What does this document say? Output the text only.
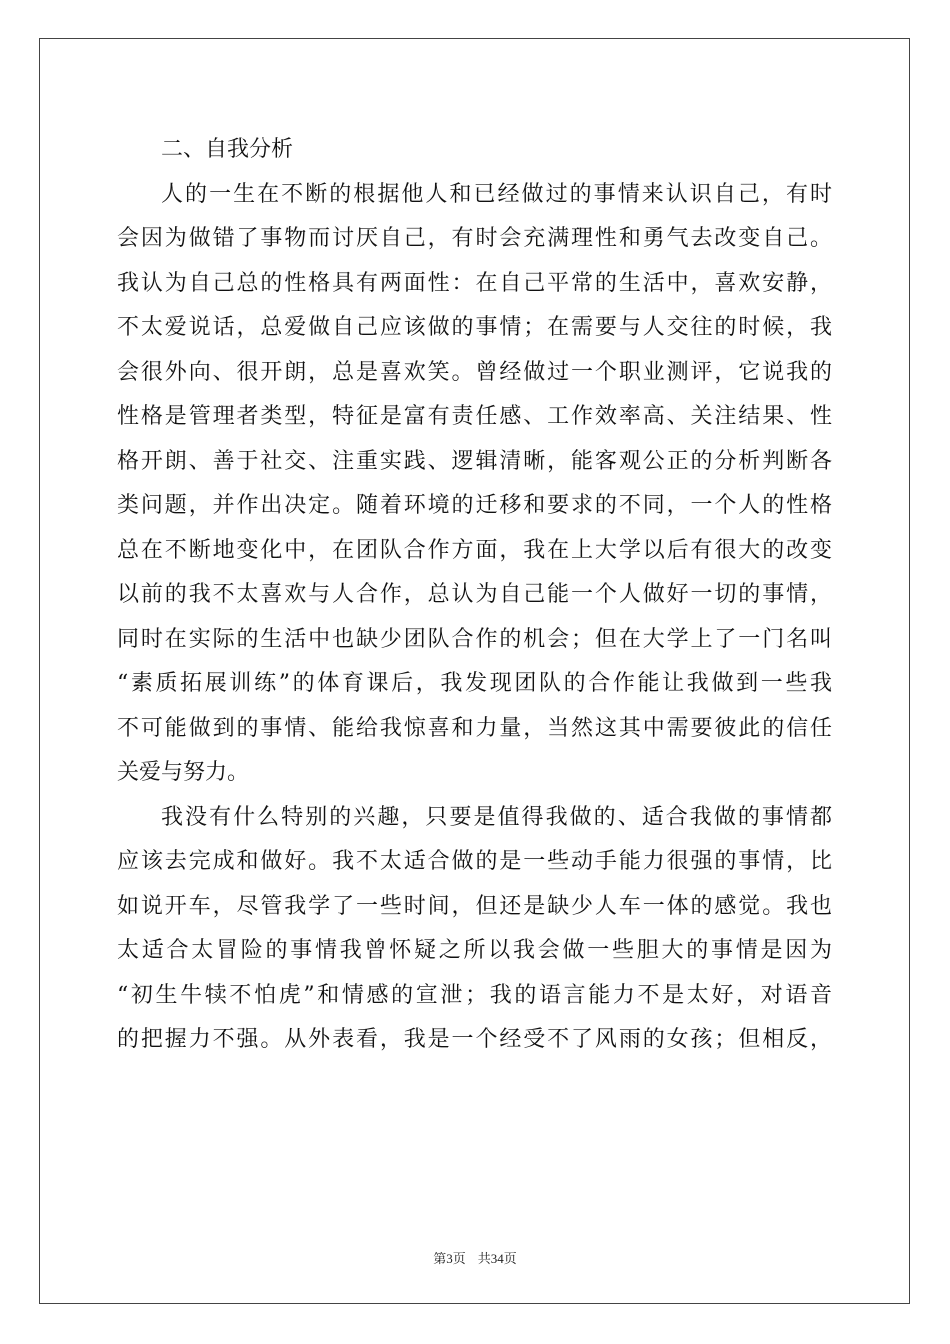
二、自我分析
人的一生在不断的根据他人和已经做过的事情来认识自己，有时
会因为做错了事物而讨厌自己，有时会充满理性和勇气去改变自己。
我认为自己总的性格具有两面性：在自己平常的生活中，喜欢安静，
不太爱说话，总爱做自己应该做的事情；在需要与人交往的时候，我
会很外向、很开朗，总是喜欢笑。曾经做过一个职业测评，它说我的
性格是管理者类型，特征是富有责任感、工作效率高、关注结果、性
格开朗、善于社交、注重实践、逻辑清晰，能客观公正的分析判断各
类问题，并作出决定。随着环境的迁移和要求的不同，一个人的性格
总在不断地变化中，在团队合作方面，我在上大学以后有很大的改变
以前的我不太喜欢与人合作，总认为自己能一个人做好一切的事情，
同时在实际的生活中也缺少团队合作的机会；但在大学上了一门名叫
“素质拓展训练”的体育课后，我发现团队的合作能让我做到一些我
不可能做到的事情、能给我惊喜和力量，当然这其中需要彼此的信任
关爱与努力。
我没有什么特别的兴趣，只要是值得我做的、适合我做的事情都
应该去完成和做好。我不太适合做的是一些动手能力很强的事情，比
如说开车，尽管我学了一些时间，但还是缺少人车一体的感觉。我也
太适合太冒险的事情我曾怀疑之所以我会做一些胆大的事情是因为
“初生牛犊不怕虎”和情感的宣泄；我的语言能力不是太好，对语音
的把握力不强。从外表看，我是一个经受不了风雨的女孩；但相反，
第3页 共34页
